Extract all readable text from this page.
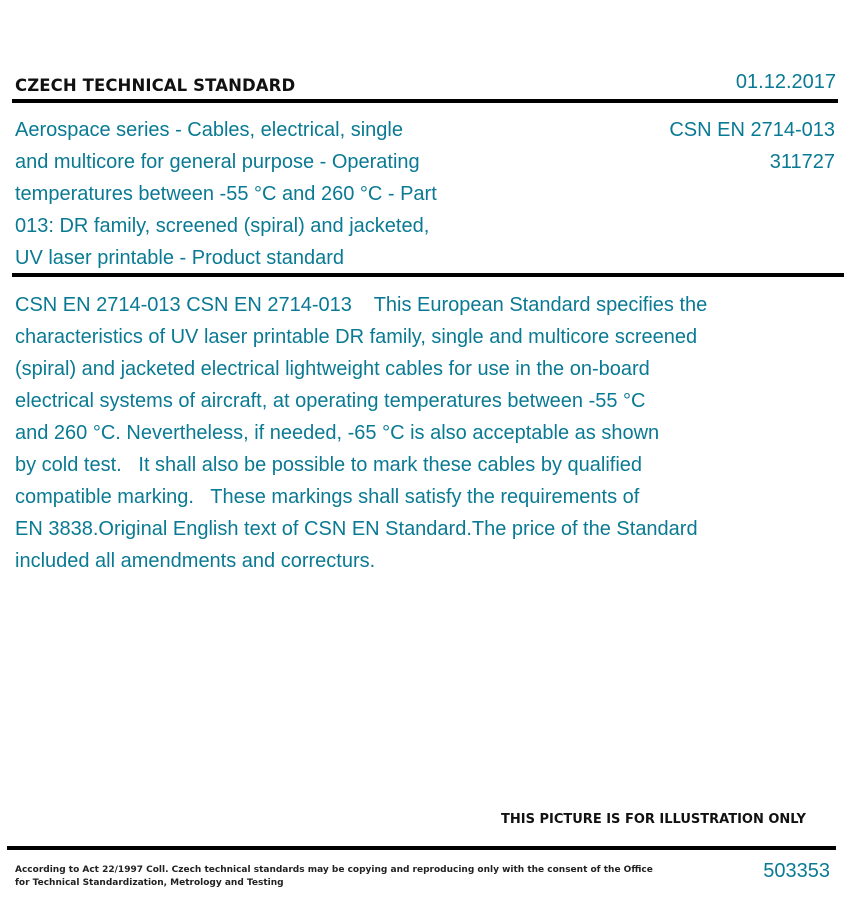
CZECH TECHNICAL STANDARD	01.12.2017
Aerospace series - Cables, electrical, single
and multicore for general purpose - Operating
temperatures between -55 °C and 260 °C - Part
013: DR family, screened (spiral) and jacketed,
UV laser printable - Product standard
CSN EN 2714-013
311727
CSN EN 2714-013 CSN EN 2714-013    This European Standard specifies the
characteristics of UV laser printable DR family, single and multicore screened
(spiral) and jacketed electrical lightweight cables for use in the on-board
electrical systems of aircraft, at operating temperatures between -55 °C
and 260 °C. Nevertheless, if needed, -65 °C is also acceptable as shown
by cold test.   It shall also be possible to mark these cables by qualified
compatible marking.   These markings shall satisfy the requirements of
EN 3838.Original English text of CSN EN Standard.The price of the Standard
included all amendments and correcturs.
THIS PICTURE IS FOR ILLUSTRATION ONLY
According to Act 22/1997 Coll. Czech technical standards may be copying and reproducing only with the consent of the Office
for Technical Standardization, Metrology and Testing
503353
